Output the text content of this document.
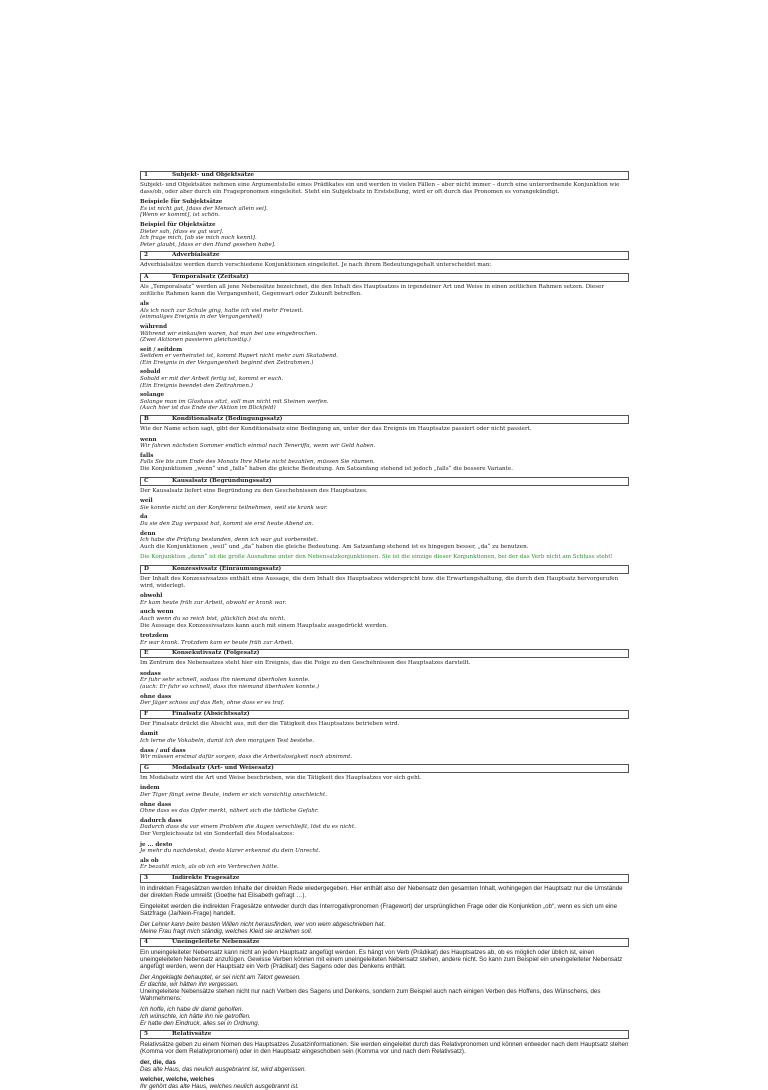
1	Subjekt- und Objektsätze

Subjekt- und Objektsätze nehmen eine Argumentstelle eines Prädikates ein und werden in vielen Fällen – aber nicht immer – durch eine unterordnende Konjunktion wie dass/ob, oder aber durch ein Fragepronomen eingeleitet. Steht ein Subjektsatz in Erststellung, wird er oft durch das Pronomen es vorangekündigt.

Beispiele für Subjektsätze
Es ist nicht gut, [dass der Mensch allein sei].
[Wenn er kommt], ist schön.
Beispiel für Objektsätze
Dieter sah, [dass es gut war].
Ich frage mich, [ob sie mich noch kennt].
Peter glaubt, [dass er den Hund gesehen habe].
2	Adverbialsätze

Adverbialsätze werden durch verschiedene Konjunktionen eingeleitet. Je nach ihrem Bedeutungsgehalt unterscheidet man:

A	Temporalsatz (Zeitsatz)

Als „Temporalsatz“ werden all jene Nebensätze bezeichnet, die den Inhalt des Hauptsatzes in irgendeiner Art und Weise in einen zeitlichen Rahmen setzen. Dieser zeitliche Rahmen kann die Vergangenheit, Gegenwart oder Zukunft betreffen.

als
Als ich noch zur Schule ging, hatte ich viel mehr Freizeit.
(einmaliges Ereignis in der Vergangenheit)
während
Während wir einkaufen waren, hat man bei uns eingebrochen.
(Zwei Aktionen passieren gleichzeitig.)
seit / seitdem
Seitdem er verheiratet ist, kommt Rupert nicht mehr zum Skatabend.
(Ein Ereignis in der Vergangenheit beginnt den Zeitrahmen.)
sobald
Sobald er mit der Arbeit fertig ist, kommt er euch.
(Ein Ereignis beendet den Zeitrahmen.)
solange
Solange man im Glashaus sitzt, soll man nicht mit Steinen werfen.
(Auch hier ist das Ende der Aktion im Blickfeld)
B	Konditionalsatz (Bedingungssatz)

Wie der Name schon sagt, gibt der Konditionalsatz eine Bedingung an, unter der das Ereignis im Hauptsatze passiert oder nicht passiert.

wenn
Wir fahren nächsten Sommer endlich einmal nach Teneriffa, wenn wir Geld haben.
falls
Falls Sie bis zum Ende des Monats Ihre Miete nicht bezahlen, müssen Sie räumen.

Die Konjunktionen „wenn“ und „falls“ haben die gleiche Bedeutung. Am Satzanfang stehend ist jedoch „falls“ die bessere Variante.

C	Kausalsatz (Begründungssatz)

Der Kausalsatz liefert eine Begründung zu den Geschehnissen des Hauptsatzes.

weil
Sie konnte nicht an der Konferenz teilnehmen, weil sie krank war.
da
Da sie den Zug verpasst hat, kommt sie erst heute Abend an.
denn
Ich habe die Prüfung bestanden, denn ich war gut vorbereitet.

Auch die Konjunktionen „weil“ und „da“ haben die gleiche Bedeutung. Am Satzanfang stehend ist es hingegen besser, „da“ zu benutzen.

Die Konjunktion „denn“ ist die große Ausnahme unter den Nebensatzkonjunktionen. Sie ist die einzige dieser Konjunktionen, bei der das Verb nicht am Schluss steht!

D	Konzessivsatz (Einräumungssatz)

Der Inhalt des Konzessivsatzes enthält eine Aussage, die dem Inhalt des Hauptsatzes widerspricht bzw. die Erwartungshaltung, die durch den Hauptsatz hervorgerufen wird, widerlegt.

obwohl
Er kam heute früh zur Arbeit, obwohl er krank war.
auch wenn
Auch wenn du so reich bist, glücklich bist du nicht.

Die Aussage des Konzessivsatzes kann auch mit einem Hauptsatz ausgedrückt werden.

trotzdem
Er war krank. Trotzdem kam er heute früh zur Arbeit.
E	Konsekutivsatz (Folgesatz)

Im Zentrum des Nebensatzes steht hier ein Ereignis, das die Folge zu den Geschehnissen des Hauptsatzes darstellt.

sodass
Er fuhr sehr schnell, sodass ihn niemand überholen konnte.
(auch: Er fuhr so schnell, dass ihn niemand überholen konnte.)
ohne dass
Der Jäger schoss auf das Reh, ohne dass er es traf.
F	Finalsatz (Absichtssatz)

Der Finalsatz drückt die Absicht aus, mit der die Tätigkeit des Hauptsatzes betrieben wird.

damit
Ich lerne die Vokabeln, damit ich den morgigen Test bestehe.
dass / auf dass
Wir müssen erstmal dafür sorgen, dass die Arbeitslosigkeit noch abnimmt.
G	Modalsatz (Art- und Weisesatz)

Im Modalsatz wird die Art und Weise beschrieben, wie die Tätigkeit des Hauptsatzes vor sich geht.

indem
Der Tiger fängt seine Beute, indem er sich vorsichtig anschleicht.
ohne dass
Ohne dass es das Opfer merkt, nähert sich die tödliche Gefahr.
dadurch dass
Dadurch dass du vor einem Problem die Augen verschließt, löst du es nicht.

Der Vergleichssatz ist ein Sonderfall des Modalsatzes:

je ... desto
Je mehr du nachdenkst, desto klarer erkennst du dein Unrecht.
als ob
Er bezahlt mich, als ob ich ein Verbrechen hätte.
3	Indirekte Fragesätze

In indirekten Fragesätzen werden Inhalte der direkten Rede wiedergegeben. Hier enthält also der Nebensatz den gesamten Inhalt, wohingegen der Hauptsatz nur die Umstände der direkten Rede umreißt (Goethe hat Elisabeth gefragt …).

Eingeleitet werden die indirekten Fragesätze entweder durch das Interrogativpronomen (Fragewort) der ursprünglichen Frage oder die Konjunktion „ob“, wenn es sich um eine Satzfrage (Ja/Nein-Frage) handelt.

Der Lehrer kann beim besten Willen nicht herausfinden, wer von wem abgeschrieben hat.
Meine Frau fragt mich ständig, welches Kleid sie anziehen soll.
4	Uneingeleitete Nebensätze

Ein uneingeleiteter Nebensatz kann nicht an jeden Hauptsatz angefügt werden. Es hängt von Verb (Prädikat) des Hauptsatzes ab, ob es möglich oder üblich ist, einen uneingeleiteten Nebensatz anzufügen. Gewisse Verben können mit einem uneingeleiteten Nebensatz stehen, andere nicht. So kann zum Beispiel ein uneingeleiteter Nebensatz angefügt werden, wenn der Hauptsatz ein Verb (Prädikat) des Sagens oder des Denkens enthält.

Der Angeklagte behauptet, er sei nicht am Tatort gewesen.
Er dachte, wir hätten ihn vergessen.

Uneingeleitete Nebensätze stehen nicht nur nach Verben des Sagens und Denkens, sondern zum Beispiel auch nach einigen Verben des Hoffens, des Wünschens, des Wahrnehmens:

Ich hoffe, ich habe dir damit geholfen.
Ich wünschte, ich hätte ihn nie getroffen.
Er hatte den Eindruck, alles sei in Ordnung.
5	Relativsätze

Relativsätze geben zu einem Nomen des Hauptsatzes Zusatzinformationen. Sie werden eingeleitet durch das Relativpronomen und können entweder nach dem Hauptsatz stehen (Komma vor dem Relativpronomen) oder in den Hauptsatz eingeschoben sein (Komma vor und nach dem Relativsatz).

der, die, das
Das alte Haus, das neulich ausgebrannt ist, wird abgerissen.
welcher, welche, welches
Ihr gehört das alte Haus, welches neulich ausgebrannt ist.
